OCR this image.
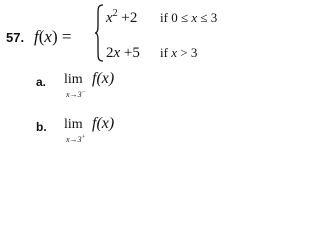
57. f(x) =
$x^2 +2$ if 0 ≤ x ≤ 3
2x +5 if x > 3
a. lim
x→3−
f(x)
b. lim
x→3+
f(x)
